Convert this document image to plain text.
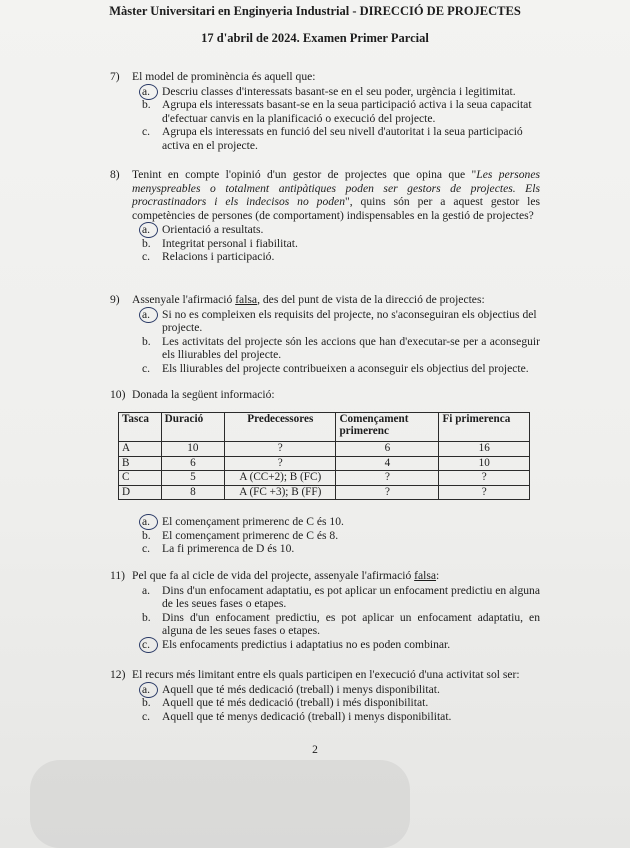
Màster Universitari en Enginyeria Industrial - DIRECCIÓ DE PROJECTES
17 d'abril de 2024. Examen Primer Parcial
7) El model de prominència és aquell que:
a.	Descriu classes d'interessats basant-se en el seu poder, urgència i legitimitat.
b. Agrupa els interessats basant-se en la seua participació activa i la seua capacitat d'efectuar canvis en la planificació o execució del projecte.
c.	Agrupa els interessats en funció del seu nivell d'autoritat i la seua participació activa en el projecte.
8) Tenint en compte l'opinió d'un gestor de projectes que opina que "Les persones menyspreables o totalment antipàtiques poden ser gestors de projectes. Els procrastinadors i els indecisos no poden", quins són per a aquest gestor les competències de persones (de comportament) indispensables en la gestió de projectes?
a.	Orientació a resultats.
b. Integritat personal i fiabilitat.
c.	Relacions i participació.
9) Assenyale l'afirmació falsa, des del punt de vista de la direcció de projectes:
a.	Si no es compleixen els requisits del projecte, no s'aconseguiran els objectius del projecte.
b. Les activitats del projecte són les accions que han d'executar-se per a aconseguir els lliurables del projecte.
c.	Els lliurables del projecte contribueixen a aconseguir els objectius del projecte.
10) Donada la següent informació:
Tasca	Duració	Predecessores	Començament primerenc	Fi primerenca
A	10	?	6	16
B	6	?	4	10
C	5	A (CC+2); B (FC)	?	?
D	8	A (FC +3); B (FF)	?	?
a.	El començament primerenc de C és 10.
b. El començament primerenc de C és 8.
c.	La fi primerenca de D és 10.
11) Pel que fa al cicle de vida del projecte, assenyale l'afirmació falsa:
a.	Dins d'un enfocament adaptatiu, es pot aplicar un enfocament predictiu en alguna de les seues fases o etapes.
b. Dins d'un enfocament predictiu, es pot aplicar un enfocament adaptatiu, en alguna de les seues fases o etapes.
c.	Els enfocaments predictius i adaptatius no es poden combinar.
12) El recurs més limitant entre els quals participen en l'execució d'una activitat sol ser:
a.	Aquell que té més dedicació (treball) i menys disponibilitat.
b. Aquell que té més dedicació (treball) i més disponibilitat.
c.	Aquell que té menys dedicació (treball) i menys disponibilitat.
2
